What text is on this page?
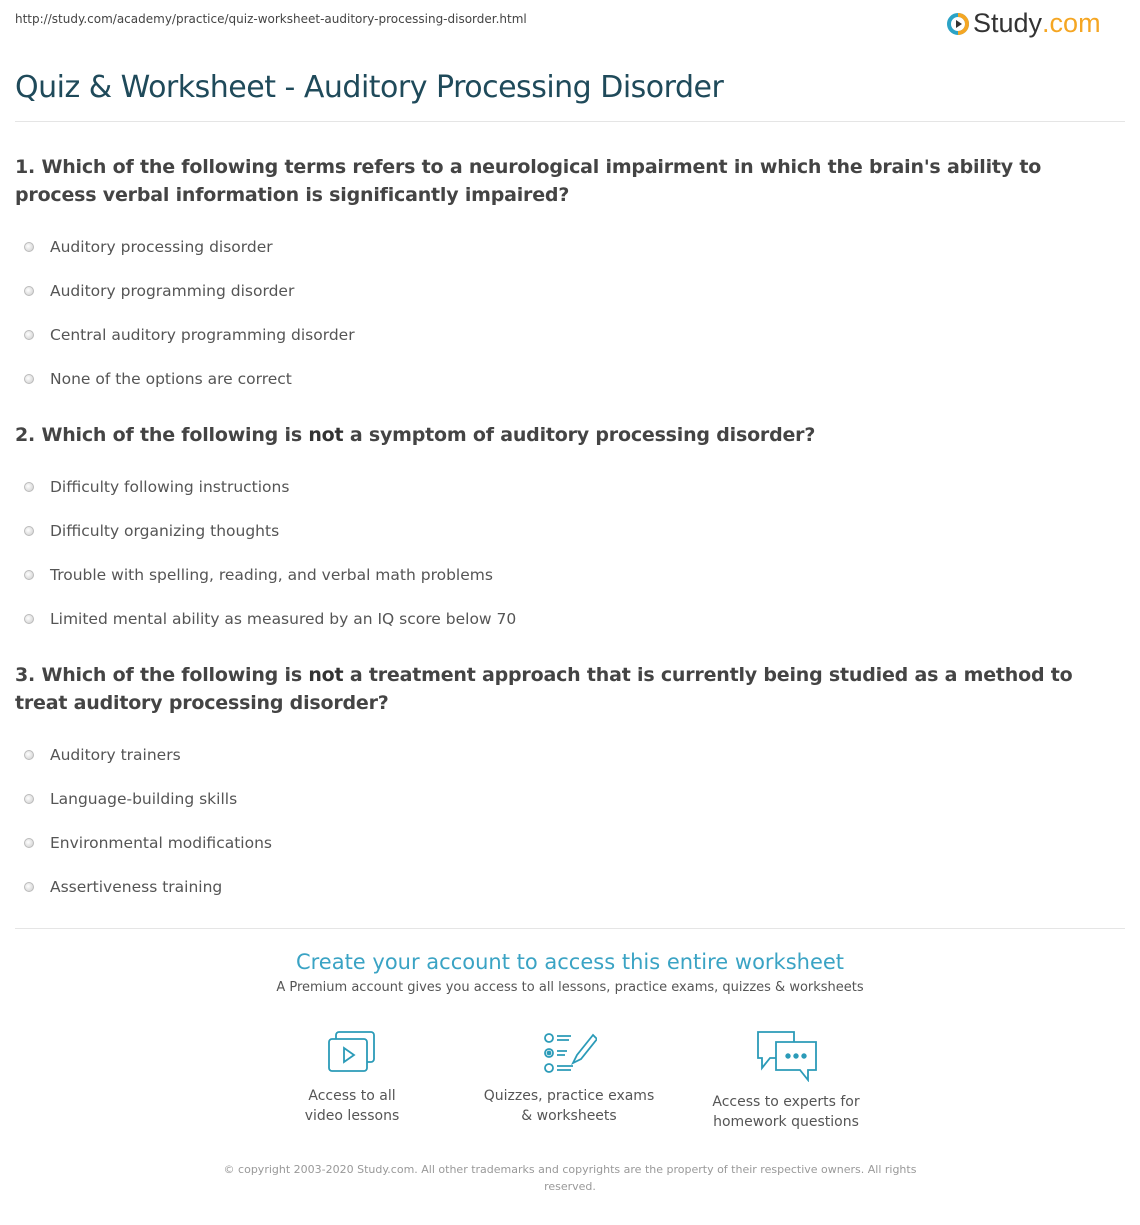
http://study.com/academy/practice/quiz-worksheet-auditory-processing-disorder.html	Study .com
Quiz & Worksheet - Auditory Processing Disorder
1. Which of the following terms refers to a neurological impairment in which the brain's ability to process verbal information is significantly impaired?
Auditory processing disorder
Auditory programming disorder
Central auditory programming disorder
None of the options are correct
2. Which of the following is not a symptom of auditory processing disorder?
Difficulty following instructions
Difficulty organizing thoughts
Trouble with spelling, reading, and verbal math problems
Limited mental ability as measured by an IQ score below 70
3. Which of the following is not a treatment approach that is currently being studied as a method to treat auditory processing disorder?
Auditory trainers
Language-building skills
Environmental modifications
Assertiveness training
Create your account to access this entire worksheet

A Premium account gives you access to all lessons, practice exams, quizzes & worksheets

Access to all
video lessons
Quizzes, practice exams
& worksheets
Access to experts for
homework questions
© copyright 2003-2020 Study.com. All other trademarks and copyrights are the property of their respective owners. All rights reserved.
